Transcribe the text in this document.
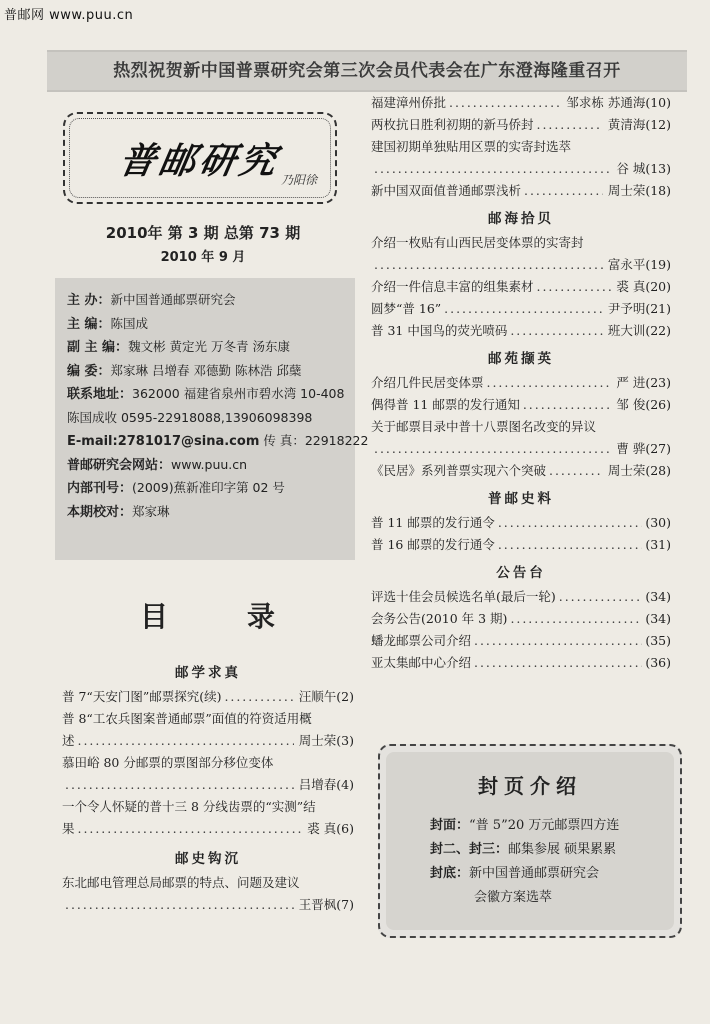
普邮网 www.puu.cn
热烈祝贺新中国普票研究会第三次会员代表会在广东澄海隆重召开
普邮研究
乃阳徐
2010年 第 3 期 总第 73 期
2010 年 9 月
主 办：新中国普通邮票研究会
主 编：陈国成
副 主 编：魏文彬 黄定光 万冬青 汤东康
编 委：郑家琳 吕增春 邓德勤 陈林浩 邱蘖
联系地址：362000 福建省泉州市碧水湾 10-408
陈国成收 0595-22918088,13906098398
E-mail:2781017@sina.com 传 真：22918222
普邮研究会网站：www.puu.cn
内部刊号：(2009)蕉新准印字第 02 号
本期校对：郑家琳
目	录
邮学求真
普 7“天安门图”邮票探究(续) . . .	汪顺午 (2)
普 8“工农兵图案普通邮票”面值的符资适用概
述 . . .	周士荣 (3)
慕田峪 80 分邮票的票图部分移位变体
. . .
吕增春 (4)
一个令人怀疑的普十三 8 分线齿票的“实测”结
果 . . .	裘 真 (6)
邮史钩沉
东北邮电管理总局邮票的特点、问题及建议
. . .
王晋枫 (7)
福建漳州侨批 . . .	邹求栋 苏通海 (10)
两枚抗日胜利初期的新马侨封 . . .	黄清海 (12)
建国初期单独贴用区票的实寄封选萃
. . .
谷 城 (13)
新中国双面值普通邮票浅析 . . .	周士荣 (18)
邮海拾贝
介绍一枚贴有山西民居变体票的实寄封
. . .
富永平 (19)
介绍一件信息丰富的组集素材 . . .	裘 真 (20)
圆梦“普 16” . . .	尹予明 (21)
普 31 中国鸟的荧光喷码 . . .	班大训 (22)
邮苑撷英
介绍几件民居变体票 . . .	严 进 (23)
偶得普 11 邮票的发行通知 . . .	邹 俊 (26)
关于邮票目录中普十八票图名改变的异议
. . .
曹 骅 (27)
《民居》系列普票实现六个突破 . . .	周士荣 (28)
普邮史料
普 11 邮票的发行通令 . . .	(30)
普 16 邮票的发行通令 . . .	(31)
公告台
评选十佳会员候选名单(最后一轮) . . .	(34)
会务公告(2010 年 3 期) . . .	(34)
蟠龙邮票公司介绍 . . .	(35)
亚太集邮中心介绍 . . .	(36)
封页介绍
封面：“普 5”20 万元邮票四方连
封二、封三：邮集参展 硕果累累
封底：新中国普通邮票研究会
会徽方案选萃
